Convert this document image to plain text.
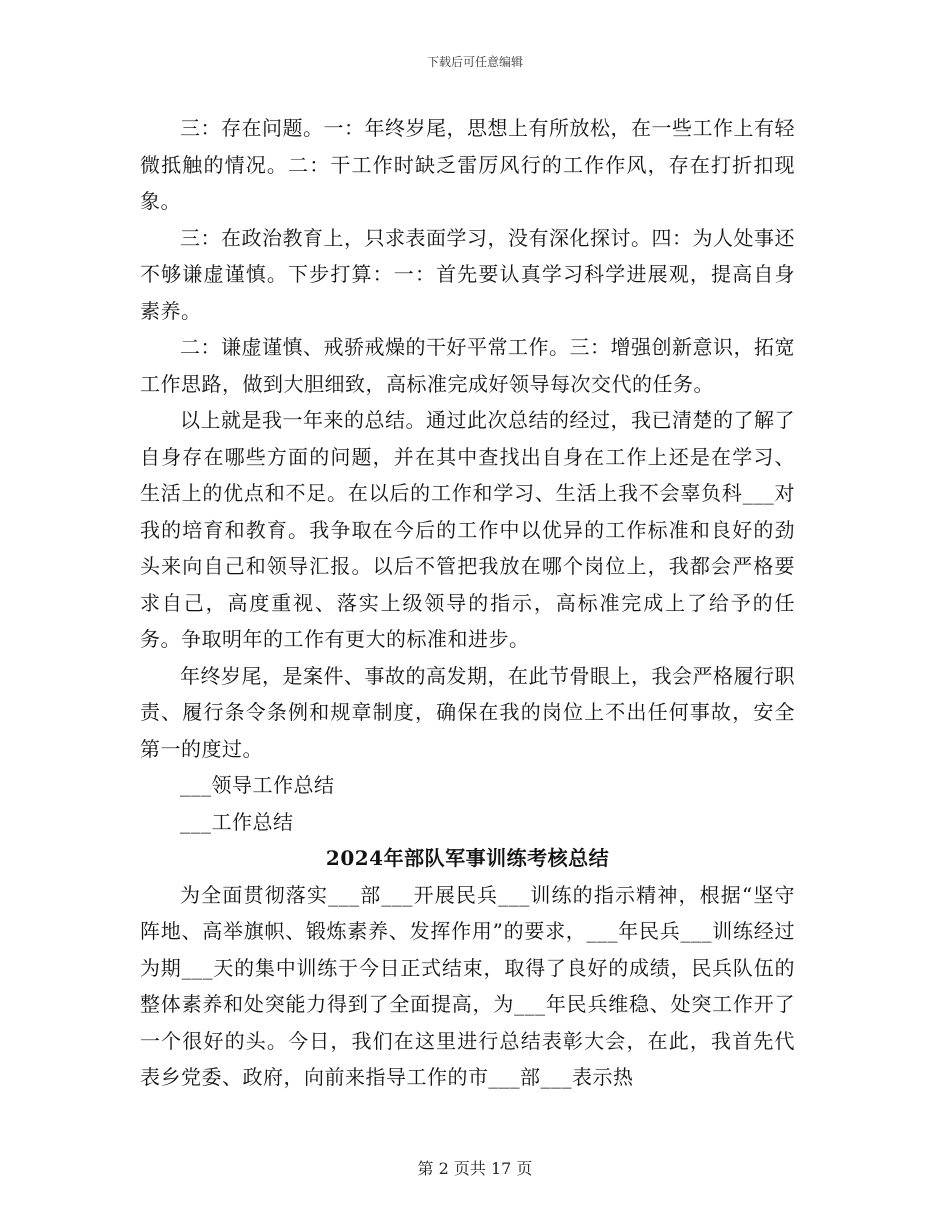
下载后可任意编辑

三：存在问题。一：年终岁尾，思想上有所放松，在一些工作上有轻微抵触的情况。二：干工作时缺乏雷厉风行的工作作风，存在打折扣现象。

三：在政治教育上，只求表面学习，没有深化探讨。四：为人处事还不够谦虚谨慎。下步打算：一：首先要认真学习科学进展观，提高自身素养。

二：谦虚谨慎、戒骄戒燥的干好平常工作。三：增强创新意识，拓宽工作思路，做到大胆细致，高标准完成好领导每次交代的任务。

以上就是我一年来的总结。通过此次总结的经过，我已清楚的了解了自身存在哪些方面的问题，并在其中查找出自身在工作上还是在学习、生活上的优点和不足。在以后的工作和学习、生活上我不会辜负科___对我的培育和教育。我争取在今后的工作中以优异的工作标准和良好的劲头来向自己和领导汇报。以后不管把我放在哪个岗位上，我都会严格要求自己，高度重视、落实上级领导的指示，高标准完成上了给予的任务。争取明年的工作有更大的标准和进步。

年终岁尾，是案件、事故的高发期，在此节骨眼上，我会严格履行职责、履行条令条例和规章制度，确保在我的岗位上不出任何事故，安全第一的度过。

___领导工作总结

___工作总结

2024年部队军事训练考核总结

为全面贯彻落实___部___开展民兵___训练的指示精神，根据“坚守阵地、高举旗帜、锻炼素养、发挥作用”的要求，___年民兵___训练经过为期___天的集中训练于今日正式结束，取得了良好的成绩，民兵队伍的整体素养和处突能力得到了全面提高，为___年民兵维稳、处突工作开了一个很好的头。今日，我们在这里进行总结表彰大会，在此，我首先代表乡党委、政府，向前来指导工作的市___部___表示热

第 2 页共 17 页
